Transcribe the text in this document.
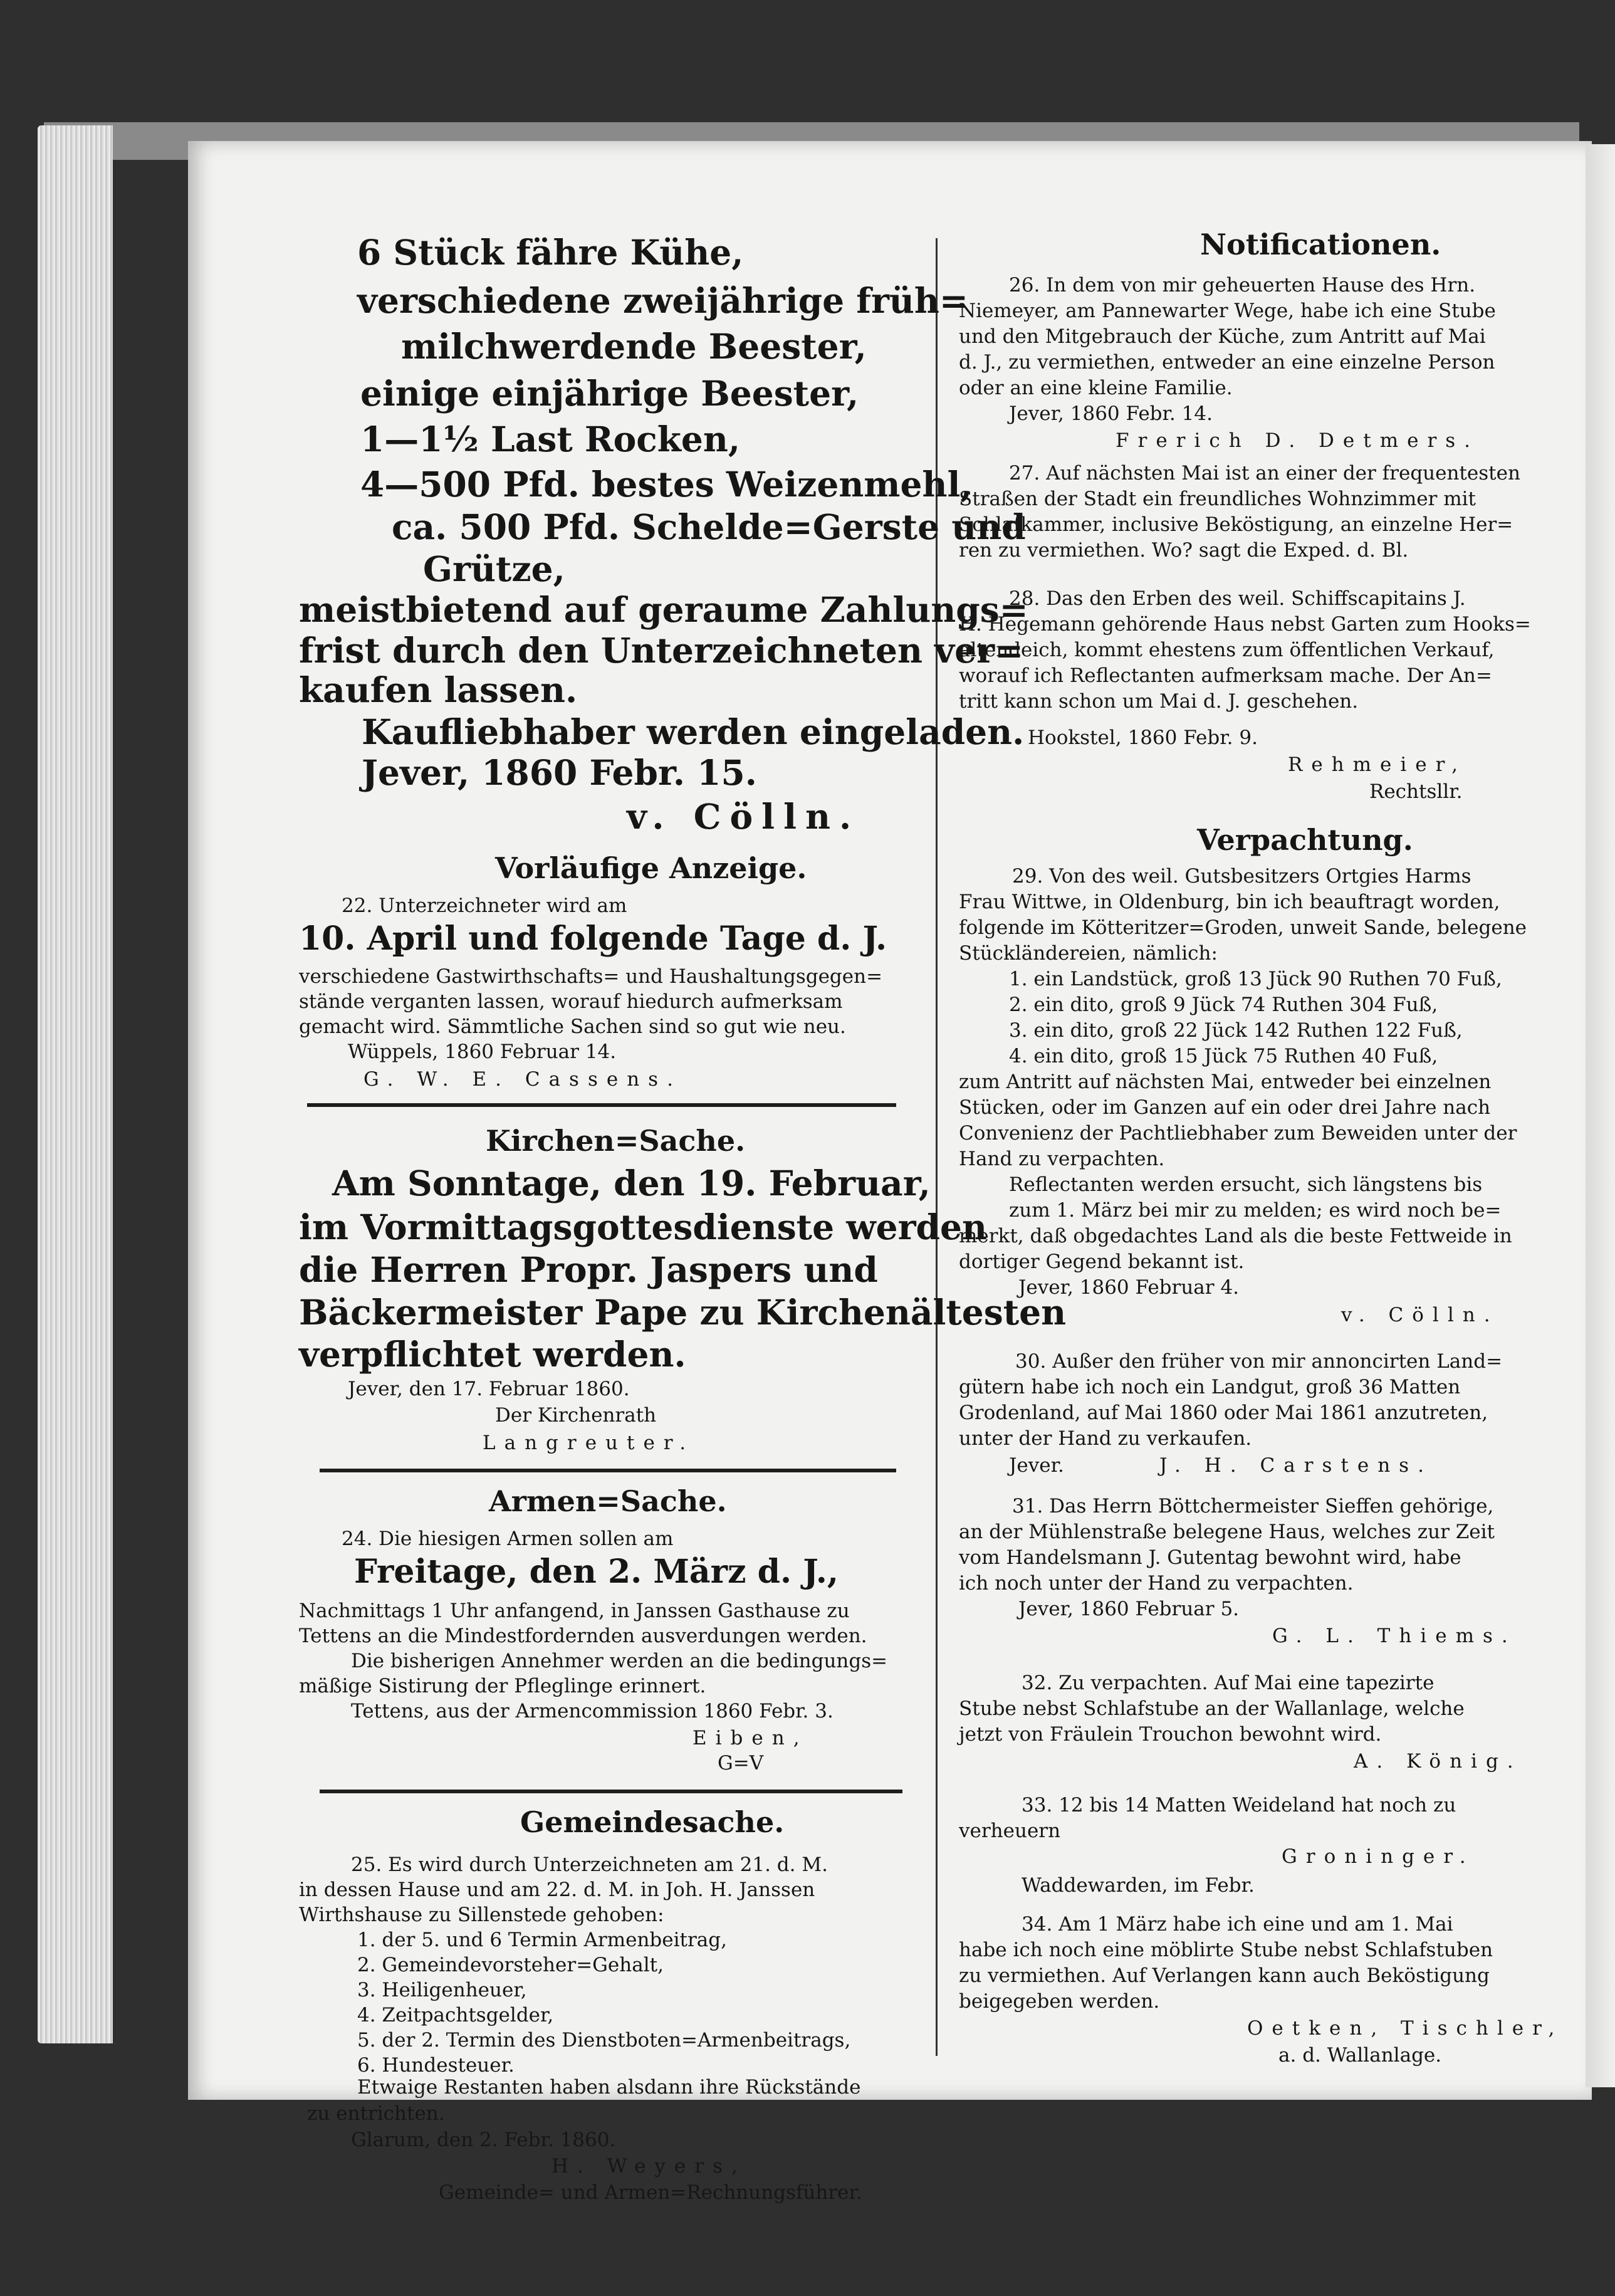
6 Stück fähre Kühe,
verschiedene zweijährige früh=
milchwerdende Beester,
einige einjährige Beester,
1—1½ Last Rocken,
4—500 Pfd. bestes Weizenmehl,
ca. 500 Pfd. Schelde=Gerste und
Grütze,
meistbietend auf geraume Zahlungs=
frist durch den Unterzeichneten ver=
kaufen lassen.
Kaufliebhaber werden eingeladen.
Jever, 1860 Febr. 15.
v. Cölln.
Vorläufige Anzeige.
22. Unterzeichneter wird am
10. April und folgende Tage d. J.
verschiedene Gastwirthschafts= und Haushaltungsgegen=
stände verganten lassen, worauf hiedurch aufmerksam
gemacht wird. Sämmtliche Sachen sind so gut wie neu.
Wüppels, 1860 Februar 14.
G. W. E. Cassens.
Kirchen=Sache.
Am Sonntage, den 19. Februar,
im Vormittagsgottesdienste werden
die Herren Propr. Jaspers und
Bäckermeister Pape zu Kirchenältesten
verpflichtet werden.
Jever, den 17. Februar 1860.
Der Kirchenrath
Langreuter.
Armen=Sache.
24. Die hiesigen Armen sollen am
Freitage, den 2. März d. J.,
Nachmittags 1 Uhr anfangend, in Janssen Gasthause zu
Tettens an die Mindestfordernden ausverdungen werden.
Die bisherigen Annehmer werden an die bedingungs=
mäßige Sistirung der Pfleglinge erinnert.
Tettens, aus der Armencommission 1860 Febr. 3.
Eiben,
G=V
Gemeindesache.
25. Es wird durch Unterzeichneten am 21. d. M.
in dessen Hause und am 22. d. M. in Joh. H. Janssen
Wirthshause zu Sillenstede gehoben:
1. der 5. und 6 Termin Armenbeitrag,
2. Gemeindevorsteher=Gehalt,
3. Heiligenheuer,
4. Zeitpachtsgelder,
5. der 2. Termin des Dienstboten=Armenbeitrags,
6. Hundesteuer.
Etwaige Restanten haben alsdann ihre Rückstände
Notificationen.
26. In dem von mir geheuerten Hause des Hrn.
Niemeyer, am Pannewarter Wege, habe ich eine Stube
und den Mitgebrauch der Küche, zum Antritt auf Mai
d. J., zu vermiethen, entweder an eine einzelne Person
oder an eine kleine Familie.
Jever, 1860 Febr. 14.
Frerich D. Detmers.
27. Auf nächsten Mai ist an einer der frequentesten
Straßen der Stadt ein freundliches Wohnzimmer mit
Schlafkammer, inclusive Beköstigung, an einzelne Her=
ren zu vermiethen. Wo? sagt die Exped. d. Bl.
28. Das den Erben des weil. Schiffscapitains J.
H. Hegemann gehörende Haus nebst Garten zum Hooks=
altendeich, kommt ehestens zum öffentlichen Verkauf,
worauf ich Reflectanten aufmerksam mache. Der An=
tritt kann schon um Mai d. J. geschehen.
Hookstel, 1860 Febr. 9.
Rehmeier,
Rechtsllr.
Verpachtung.
29. Von des weil. Gutsbesitzers Ortgies Harms
Frau Wittwe, in Oldenburg, bin ich beauftragt worden,
folgende im Kötteritzer=Groden, unweit Sande, belegene
Stückländereien, nämlich:
1. ein Landstück, groß 13 Jück 90 Ruthen 70 Fuß,
2. ein dito, groß 9 Jück 74 Ruthen 304 Fuß,
3. ein dito, groß 22 Jück 142 Ruthen 122 Fuß,
4. ein dito, groß 15 Jück 75 Ruthen 40 Fuß,
zum Antritt auf nächsten Mai, entweder bei einzelnen
Stücken, oder im Ganzen auf ein oder drei Jahre nach
Convenienz der Pachtliebhaber zum Beweiden unter der
Hand zu verpachten.
Reflectanten werden ersucht, sich längstens bis
zum 1. März bei mir zu melden; es wird noch be=
merkt, daß obgedachtes Land als die beste Fettweide in
dortiger Gegend bekannt ist.
Jever, 1860 Februar 4.
v. Cölln.
30. Außer den früher von mir annoncirten Land=
gütern habe ich noch ein Landgut, groß 36 Matten
Grodenland, auf Mai 1860 oder Mai 1861 anzutreten,
unter der Hand zu verkaufen.
Jever.	J. H. Carstens.
31. Das Herrn Böttchermeister Sieffen gehörige,
an der Mühlenstraße belegene Haus, welches zur Zeit
vom Handelsmann J. Gutentag bewohnt wird, habe
ich noch unter der Hand zu verpachten.
Jever, 1860 Februar 5.
G. L. Thiems.
32. Zu verpachten. Auf Mai eine tapezirte
Stube nebst Schlafstube an der Wallanlage, welche
jetzt von Fräulein Trouchon bewohnt wird.
A. König.
33. 12 bis 14 Matten Weideland hat noch zu
verheuern
Groninger.
Waddewarden, im Febr.
34. Am 1 März habe ich eine und am 1. Mai
habe ich noch eine möblirte Stube nebst Schlafstuben
zu vermiethen. Auf Verlangen kann auch Beköstigung
beigegeben werden.
Oetken, Tischler,
a. d. Wallanlage.
zu entrichten.
Glarum, den 2. Febr. 1860.
H. Weyers,
Gemeinde= und Armen=Rechnungsführer.
